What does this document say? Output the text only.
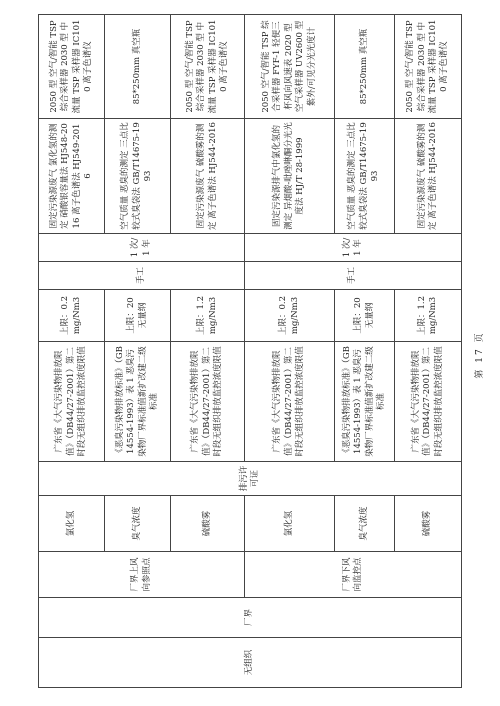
无组织	厂界	厂界上风向参照点	氯化氢	排污许可证	广东省《大气污染物排放限值》（DB44/27-2001）第二时段无组织排放监控浓度限值	上限：0.2mg/Nm3	手工	1 次/1 年	固定污染源废气 氯化氢的测定 硝酸银容量法 HJ548-2016 离子色谱法 HJ549-2016	2050 型 空气/智能 TSP 综合采样器 2030 型 中流量 TSP 采样器 IC1010 离子色谱仪
			臭气浓度		《恶臭污染物排放标准》（GB 14554-1993）表 1 恶臭污染物厂界标准值新扩改建二级标准	上限：20 无量纲			空气质量 恶臭的测定 三点比较式臭袋法 GB/T14675-1993	85*250mm 真空瓶
			硫酸雾		广东省《大气污染物排放限值》（DB44/27-2001）第二时段无组织排放监控浓度限值	上限：1.2mg/Nm3			固定污染源废气 硫酸雾的测定 离子色谱法 HJ544-2016	2050 型 空气/智能 TSP 综合采样器 2030 型 中流量 TSP 采样器 IC1010 离子色谱仪
		厂界下风向监控点	氯化氢		广东省《大气污染物排放限值》（DB44/27-2001）第二时段无组织排放监控浓度限值	上限：0.2mg/Nm3	手工	1 次/1 年	固定污染源排气中氯化氢的测定 异烟酸-吡唑啉酮分光光度法 HJ/T 28-1999	2050 空气/智能 TSP 综合采样器 FYF-1 轻便三杯风向风速表 2020 型 空气采样器 UV2600 型 紫外/可见分光光度计
			臭气浓度		《恶臭污染物排放标准》（GB 14554-1993）表 1 恶臭污染物厂界标准值新扩改建二级标准	上限：20 无量纲			空气质量 恶臭的测定 三点比较式臭袋法 GB/T14675-1993	85*250mm 真空瓶
			硫酸雾		广东省《大气污染物排放限值》（DB44/27-2001）第二时段无组织排放监控浓度限值	上限：1.2mg/Nm3			固定污染源废气 硫酸雾的测定 离子色谱法 HJ544-2016	2050 型 空气/智能 TSP 综合采样器 2030 型 中流量 TSP 采样器 IC1010 离子色谱仪
第 17 页
